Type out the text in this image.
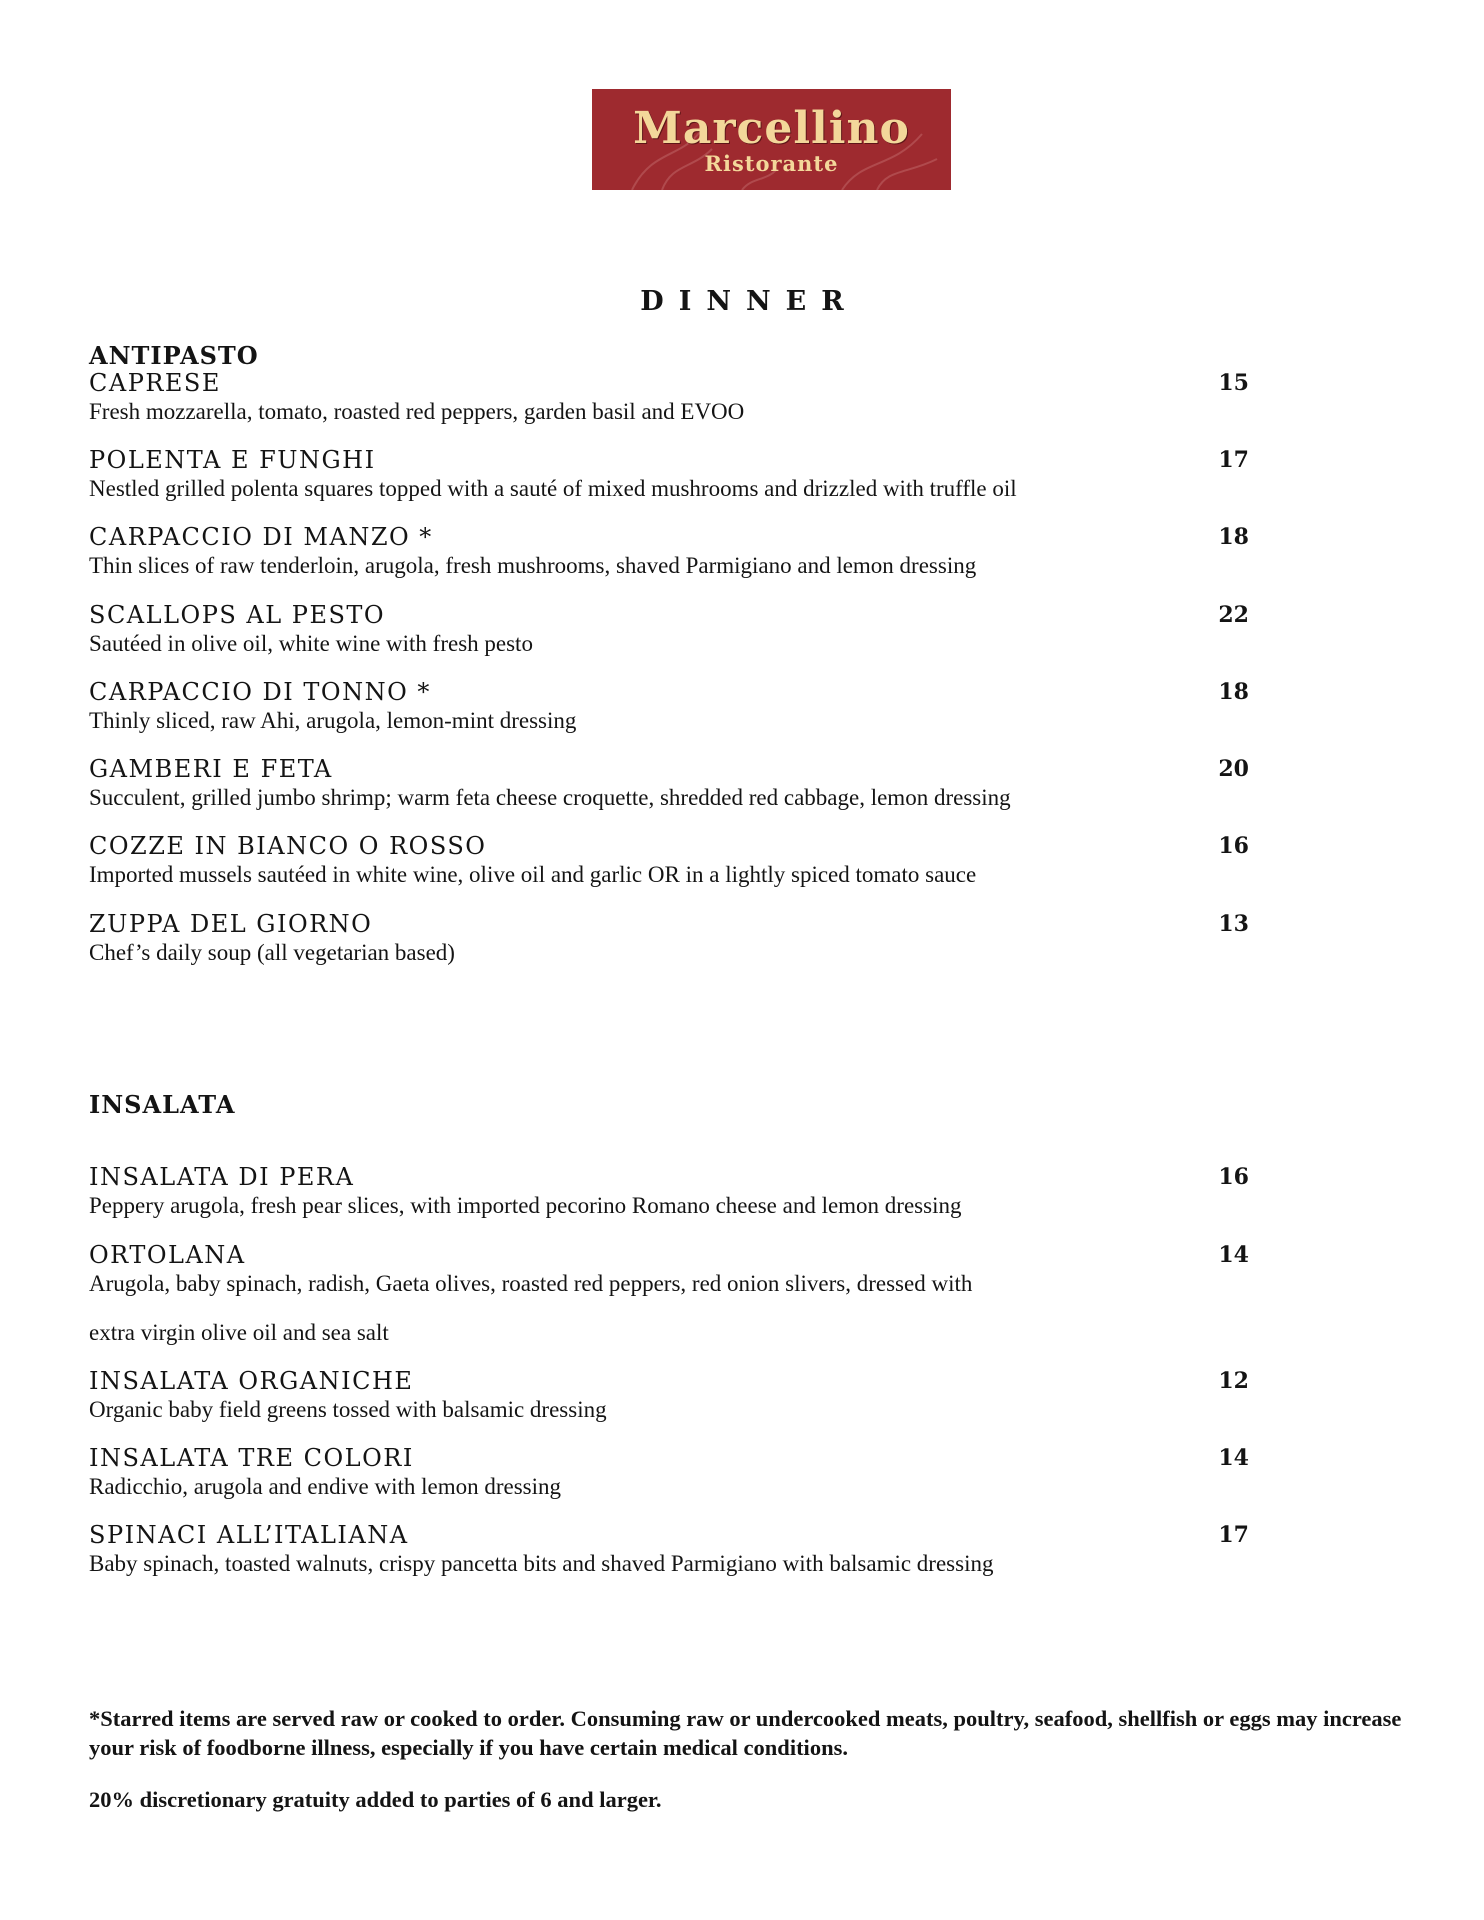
Marcellino
Ristorante
DINNER
ANTIPASTO
CAPRESE	15
Fresh mozzarella, tomato, roasted red peppers, garden basil and EVOO
POLENTA E FUNGHI	17
Nestled grilled polenta squares topped with a sauté of mixed mushrooms and drizzled with truffle oil
CARPACCIO DI MANZO *	18
Thin slices of raw tenderloin, arugola, fresh mushrooms, shaved Parmigiano and lemon dressing
SCALLOPS AL PESTO	22
Sautéed in olive oil, white wine with fresh pesto
CARPACCIO DI TONNO *	18
Thinly sliced, raw Ahi, arugola, lemon-mint dressing
GAMBERI E FETA	20
Succulent, grilled jumbo shrimp; warm feta cheese croquette, shredded red cabbage, lemon dressing
COZZE IN BIANCO O ROSSO	16
Imported mussels sautéed in white wine, olive oil and garlic OR in a lightly spiced tomato sauce
ZUPPA DEL GIORNO	13
Chef’s daily soup (all vegetarian based)
INSALATA
INSALATA DI PERA	16
Peppery arugola, fresh pear slices, with imported pecorino Romano cheese and lemon dressing
ORTOLANA	14
Arugola, baby spinach, radish, Gaeta olives, roasted red peppers, red onion slivers, dressed with
extra virgin olive oil and sea salt
INSALATA ORGANICHE	12
Organic baby field greens tossed with balsamic dressing
INSALATA TRE COLORI	14
Radicchio, arugola and endive with lemon dressing
SPINACI ALL’ITALIANA	17
Baby spinach, toasted walnuts, crispy pancetta bits and shaved Parmigiano with balsamic dressing

*Starred items are served raw or cooked to order. Consuming raw or undercooked meats, poultry, seafood, shellfish or eggs may increase your risk of foodborne illness, especially if you have certain medical conditions.

20% discretionary gratuity added to parties of 6 and larger.
